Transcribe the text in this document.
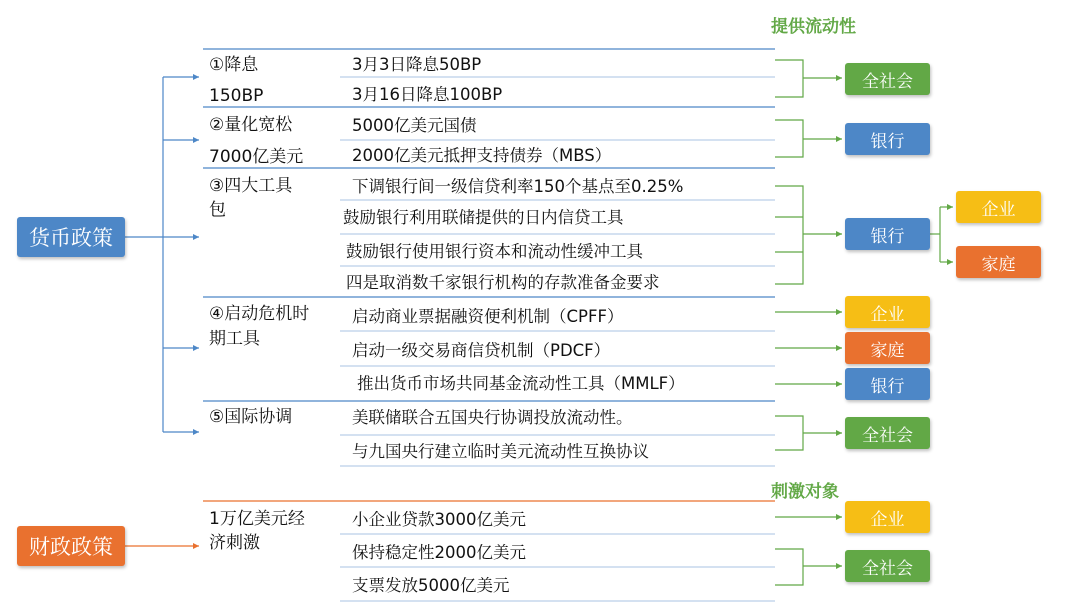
提供流动性
刺激对象
货币政策
财政政策
①降息
150BP
②量化宽松
7000亿美元
③四大工具
包
④启动危机时
期工具
⑤国际协调
1万亿美元经
济刺激
3月3日降息50BP
3月16日降息100BP
5000亿美元国债
2000亿美元抵押支持债券（MBS）
下调银行间一级信贷利率150个基点至0.25%
鼓励银行利用联储提供的日内信贷工具
鼓励银行使用银行资本和流动性缓冲工具
四是取消数千家银行机构的存款准备金要求
启动商业票据融资便利机制（CPFF）
启动一级交易商信贷机制（PDCF）
推出货币市场共同基金流动性工具（MMLF）
美联储联合五国央行协调投放流动性。
与九国央行建立临时美元流动性互换协议
小企业贷款3000亿美元
保持稳定性2000亿美元
支票发放5000亿美元
全社会
银行
银行
企业
家庭
企业
家庭
银行
全社会
企业
全社会
